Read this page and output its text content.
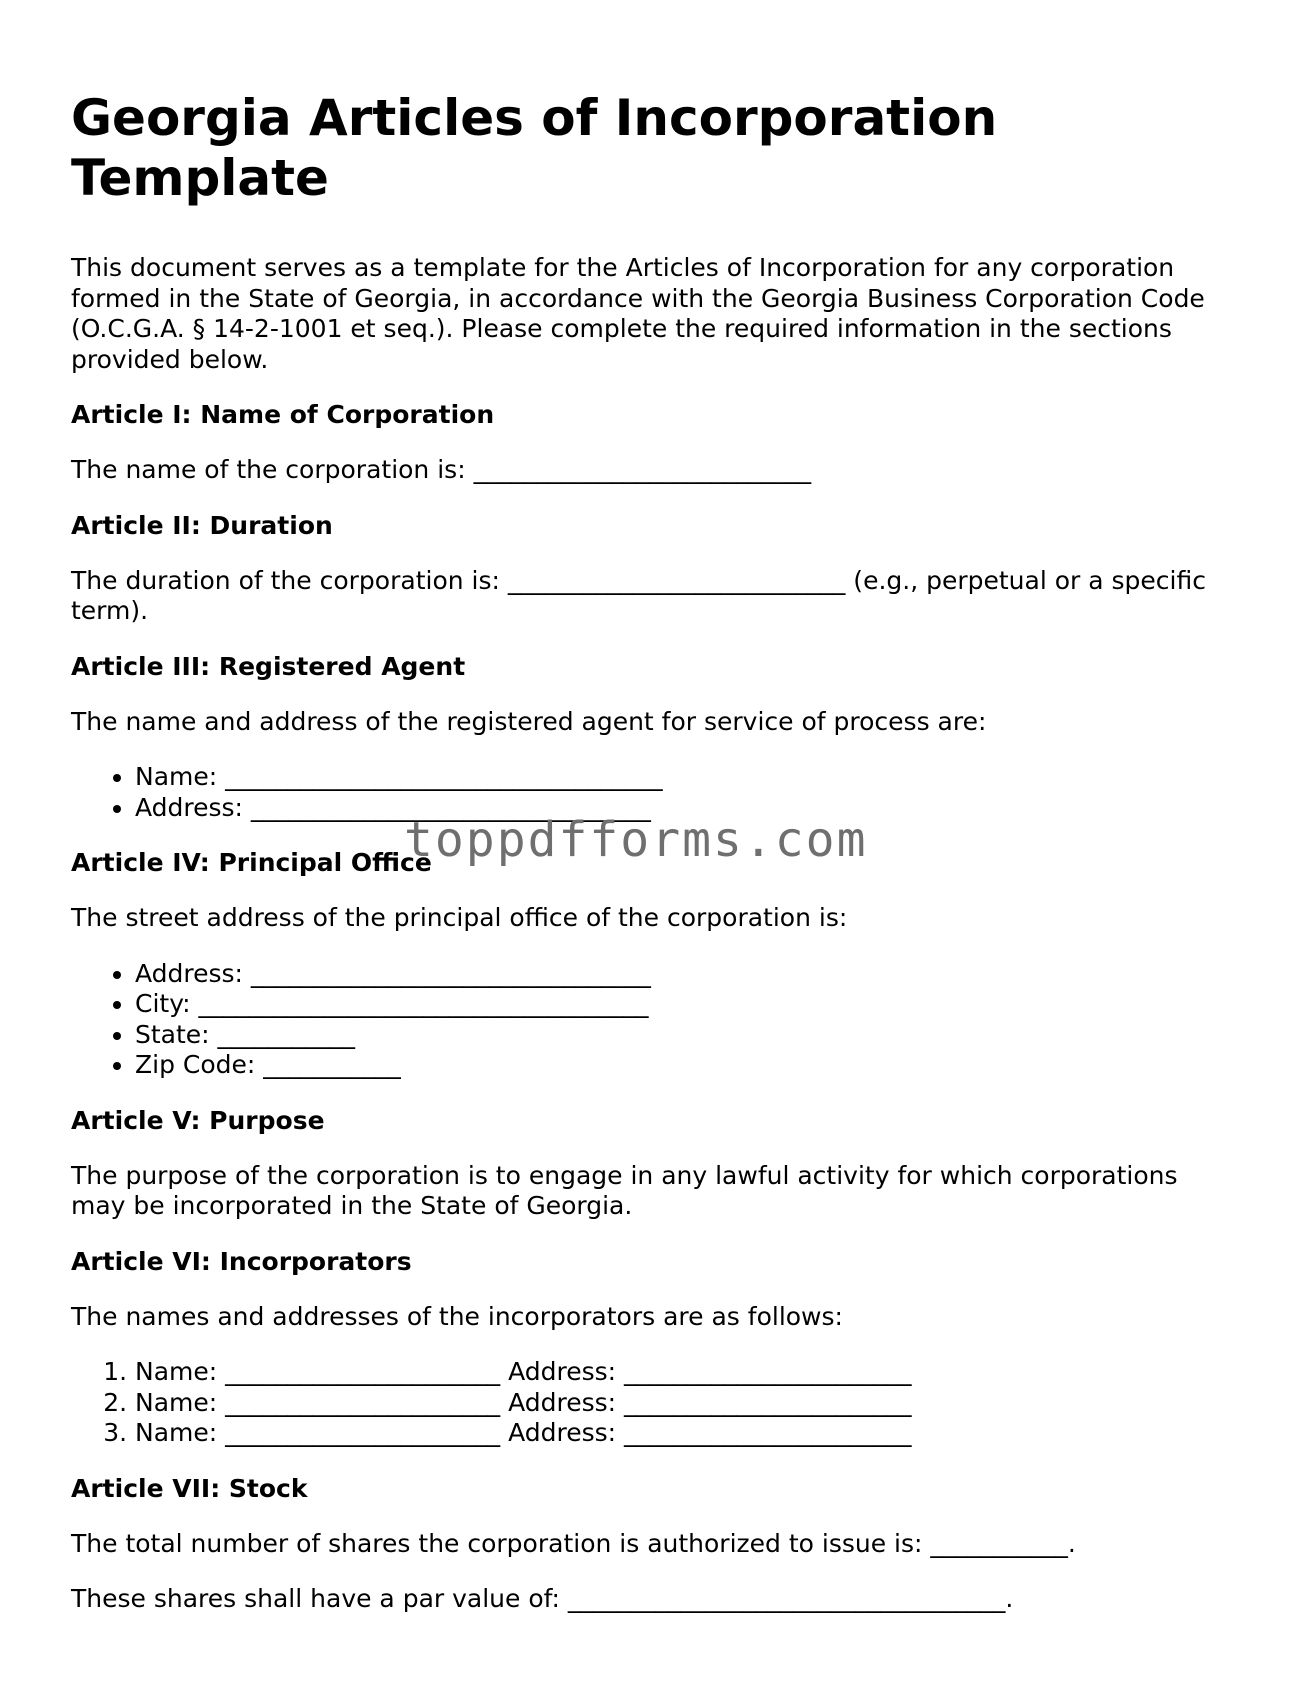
Georgia Articles of Incorporation Template

This document serves as a template for the Articles of Incorporation for any corporation formed in the State of Georgia, in accordance with the Georgia Business Corporation Code (O.C.G.A. § 14-2-1001 et seq.). Please complete the required information in the sections provided below.

Article I: Name of Corporation

The name of the corporation is: ___________________________

Article II: Duration

The duration of the corporation is: ___________________________ (e.g., perpetual or a specific term).

Article III: Registered Agent

The name and address of the registered agent for service of process are:

• Name: ___________________________________
• Address: ________________________________
Article IV: Principal Office

The street address of the principal office of the corporation is:

• Address: ________________________________
• City: ____________________________________
• State: ___________
• Zip Code: ___________
Article V: Purpose

The purpose of the corporation is to engage in any lawful activity for which corporations may be incorporated in the State of Georgia.

Article VI: Incorporators

The names and addresses of the incorporators are as follows:

1. Name: ______________________ Address: _______________________
2. Name: ______________________ Address: _______________________
3. Name: ______________________ Address: _______________________
Article VII: Stock

The total number of shares the corporation is authorized to issue is: ___________.

These shares shall have a par value of: ___________________________________.

toppdfforms.com
